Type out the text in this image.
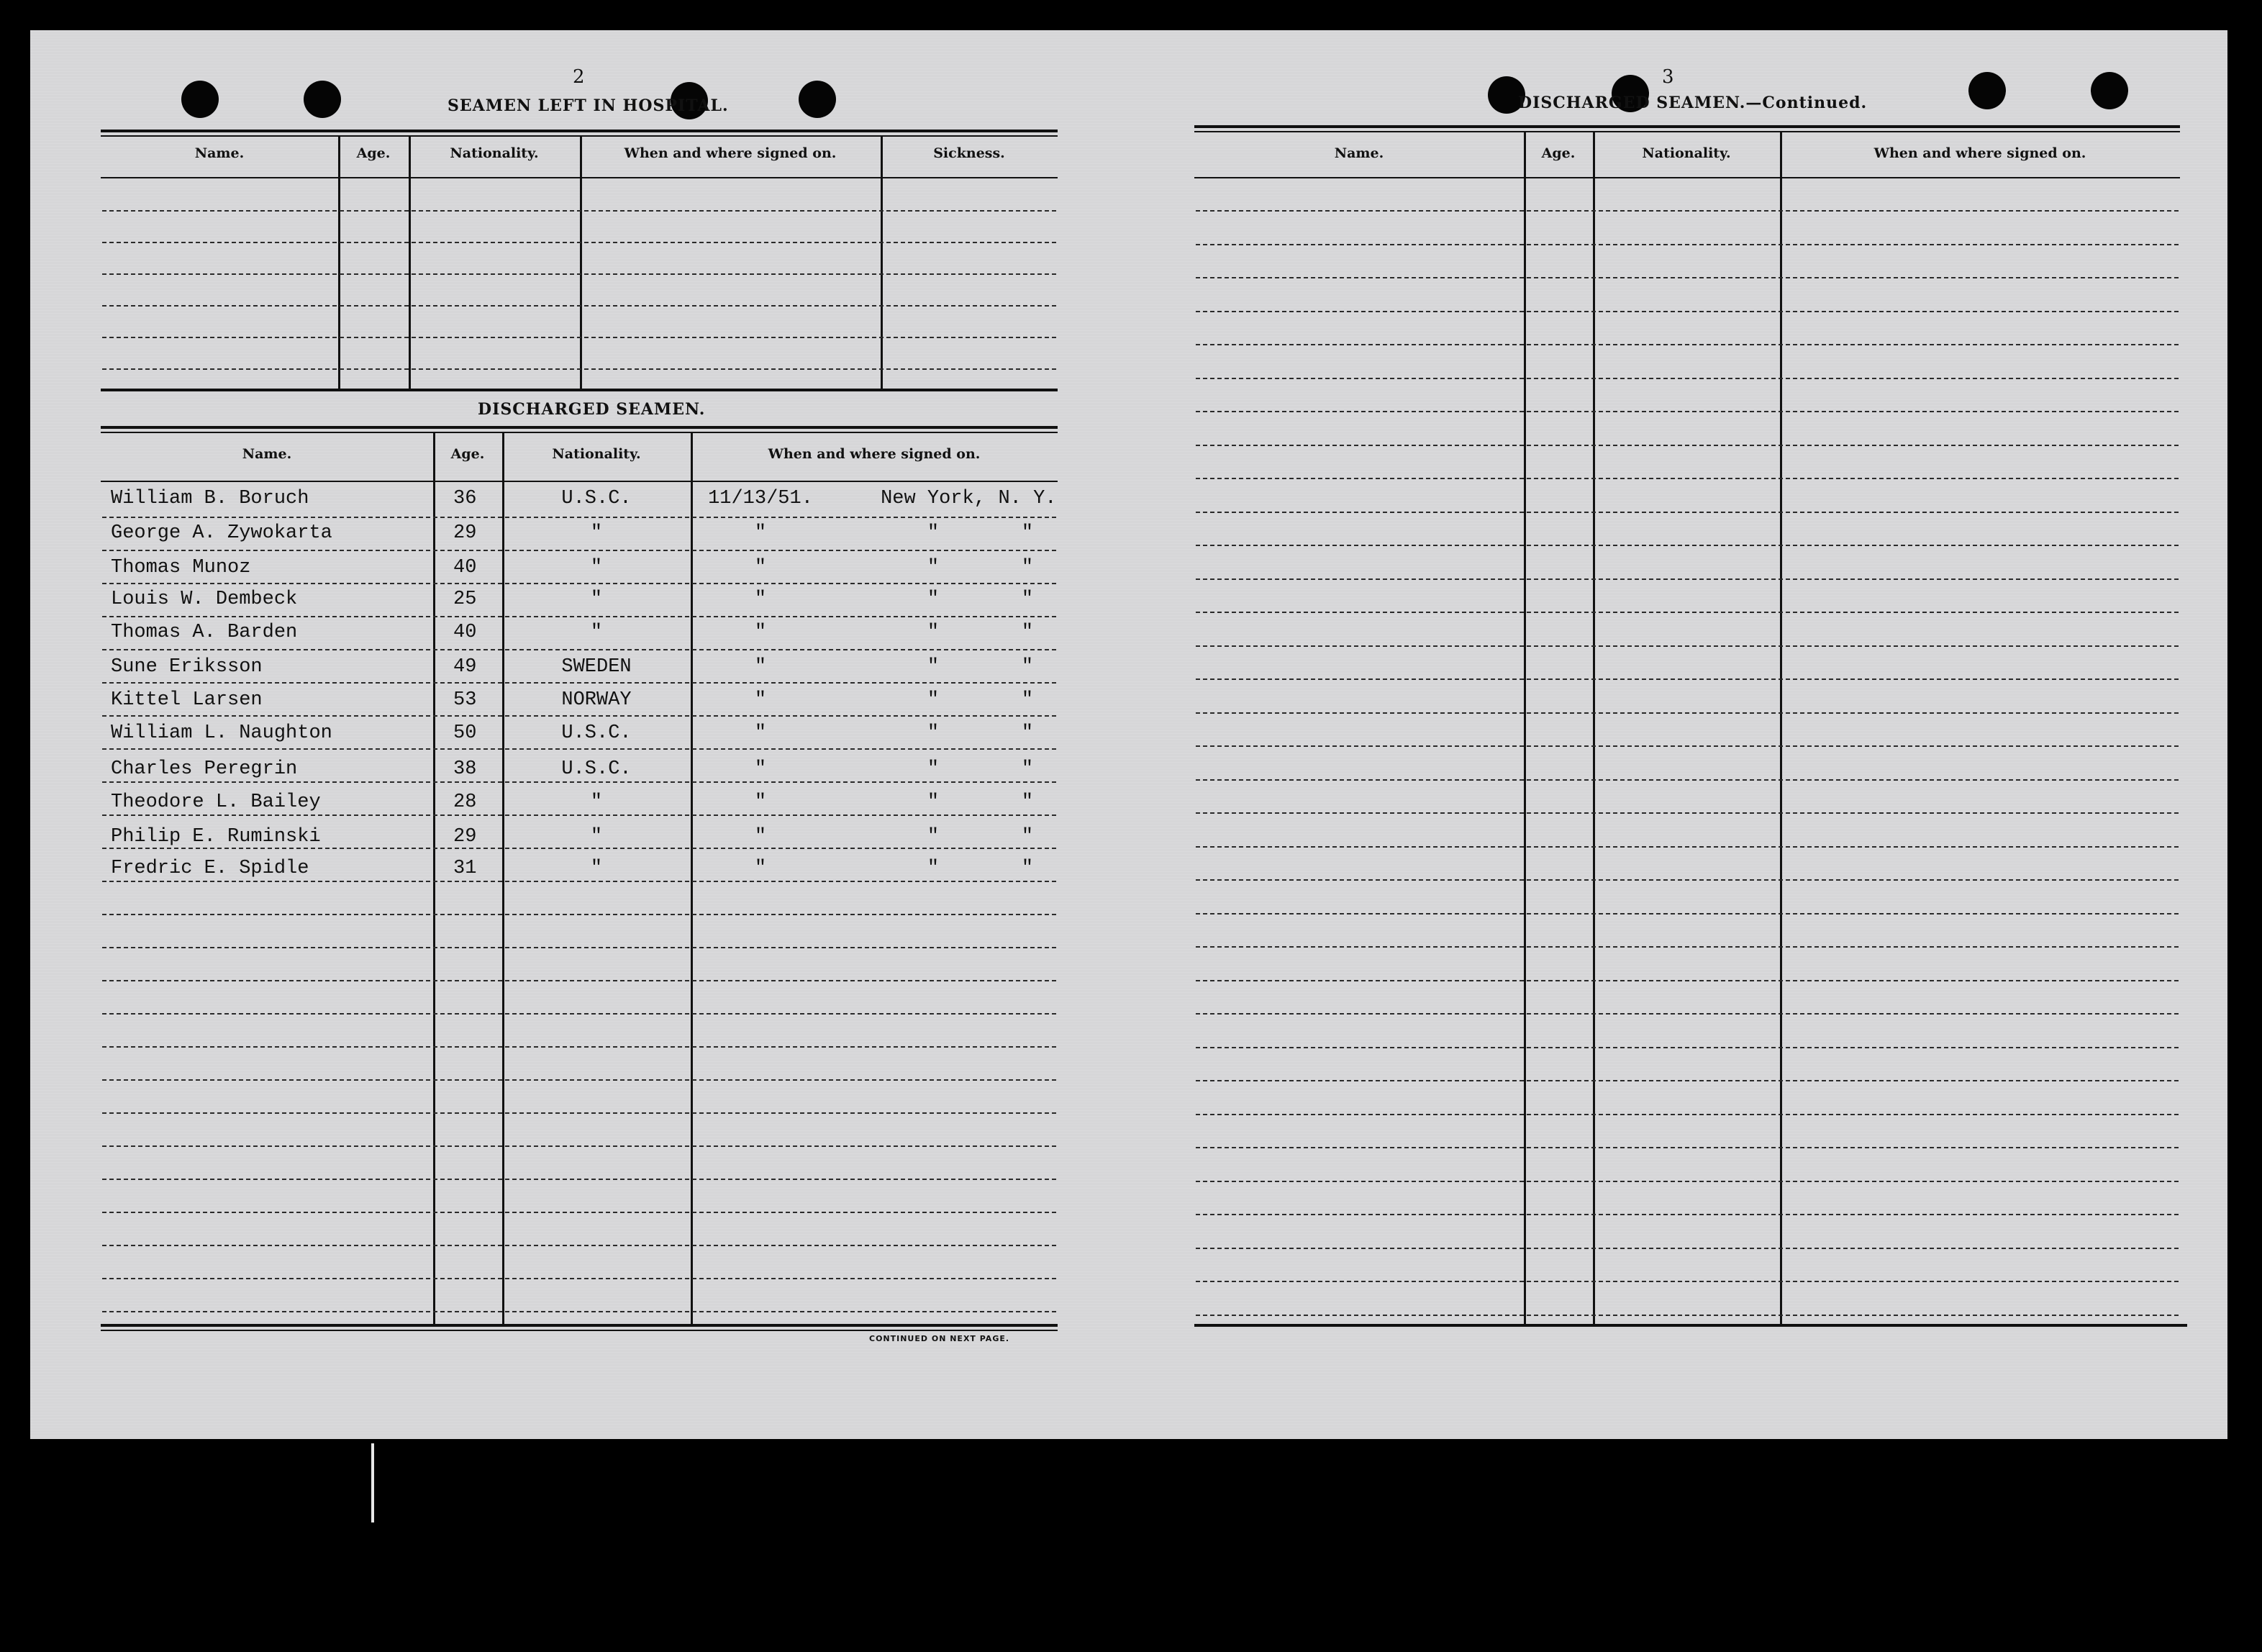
2
SEAMEN LEFT IN HOSPITAL.
Name.	Age.	Nationality.	When and where signed on.	Sickness.
DISCHARGED SEAMEN.
Name.	Age.	Nationality.	When and where signed on.
William B. Boruch	36	U.S.C.	11/13/51.	New York, N. Y.
George A. Zywokarta	29	"	"	"	"
Thomas Munoz	40	"	"	"	"
Louis W. Dembeck	25	"	"	"	"
Thomas A. Barden	40	"	"	"	"
Sune Eriksson	49	SWEDEN	"	"	"
Kittel Larsen	53	NORWAY	"	"	"
William L. Naughton	50	U.S.C.	"	"	"
Charles Peregrin	38	U.S.C.	"	"	"
Theodore L. Bailey	28	"	"	"	"
Philip E. Ruminski	29	"	"	"	"
Fredric E. Spidle	31	"	"	"	"
CONTINUED ON NEXT PAGE.
3
DISCHARGED SEAMEN.—Continued.
Name.	Age.	Nationality.	When and where signed on.
